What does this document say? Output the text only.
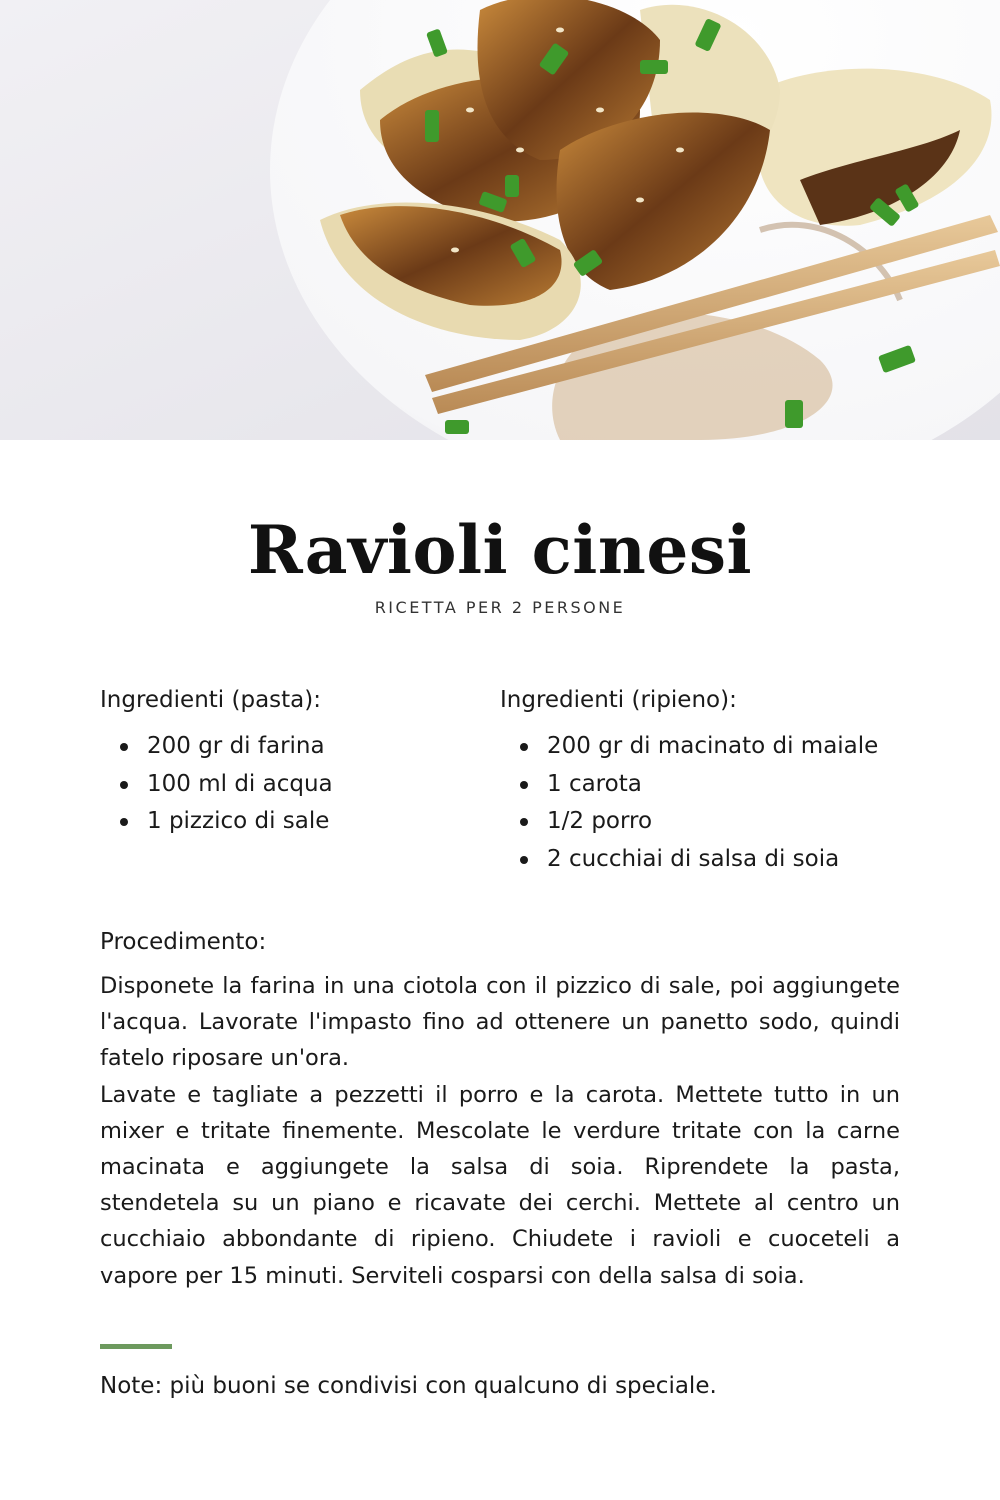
Ravioli cinesi
RICETTA PER 2 PERSONE
Ingredienti (pasta):
200 gr di farina
100 ml di acqua
1 pizzico di sale
Ingredienti (ripieno):
200 gr di macinato di maiale
1 carota
1/2 porro
2 cucchiai di salsa di soia
Procedimento:

Disponete la farina in una ciotola con il pizzico di sale, poi aggiungete l'acqua. Lavorate l'impasto fino ad ottenere un panetto sodo, quindi fatelo riposare un'ora.

Lavate e tagliate a pezzetti il porro e la carota. Mettete tutto in un mixer e tritate finemente. Mescolate le verdure tritate con la carne macinata e aggiungete la salsa di soia. Riprendete la pasta, stendetela su un piano e ricavate dei cerchi. Mettete al centro un cucchiaio abbondante di ripieno. Chiudete i ravioli e cuoceteli a vapore per 15 minuti. Serviteli cosparsi con della salsa di soia.

Note: più buoni se condivisi con qualcuno di speciale.
